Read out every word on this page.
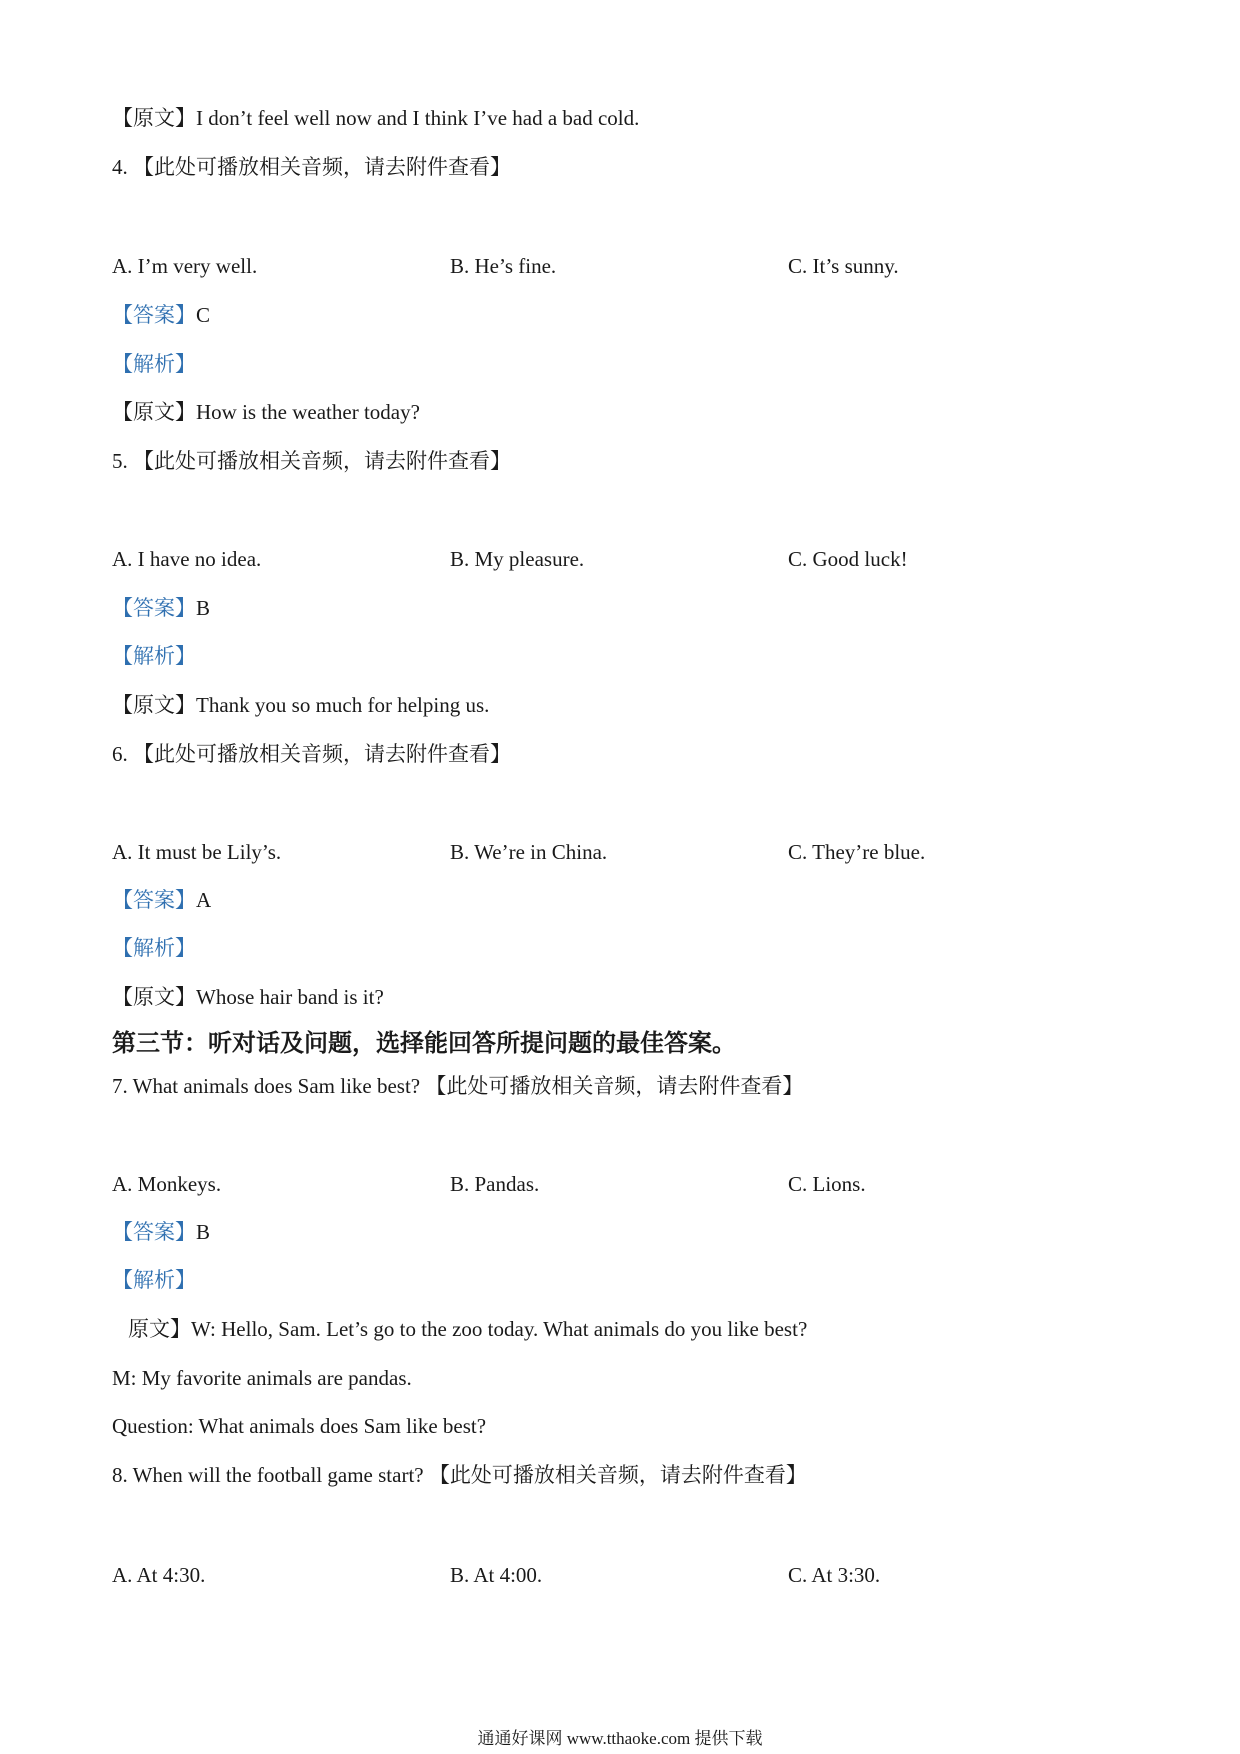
【原文】I don’t feel well now and I think I’ve had a bad cold.
4. 【此处可播放相关音频，请去附件查看】
A. I’m very well.	B. He’s fine.	C. It’s sunny.
【答案】C
【解析】
【原文】How is the weather today?
5. 【此处可播放相关音频，请去附件查看】
A. I have no idea.	B. My pleasure.	C. Good luck!
【答案】B
【解析】
【原文】Thank you so much for helping us.
6. 【此处可播放相关音频，请去附件查看】
A. It must be Lily’s.	B. We’re in China.	C. They’re blue.
【答案】A
【解析】
【原文】Whose hair band is it?
第三节：听对话及问题，选择能回答所提问题的最佳答案。
7. What animals does Sam like best? 【此处可播放相关音频，请去附件查看】
A. Monkeys.	B. Pandas.	C. Lions.
【答案】B
【解析】
原文】W: Hello, Sam. Let’s go to the zoo today. What animals do you like best?
M: My favorite animals are pandas.
Question: What animals does Sam like best?
8. When will the football game start? 【此处可播放相关音频，请去附件查看】
A. At 4:30.	B. At 4:00.	C. At 3:30.
通通好课网 www.tthaoke.com 提供下载
